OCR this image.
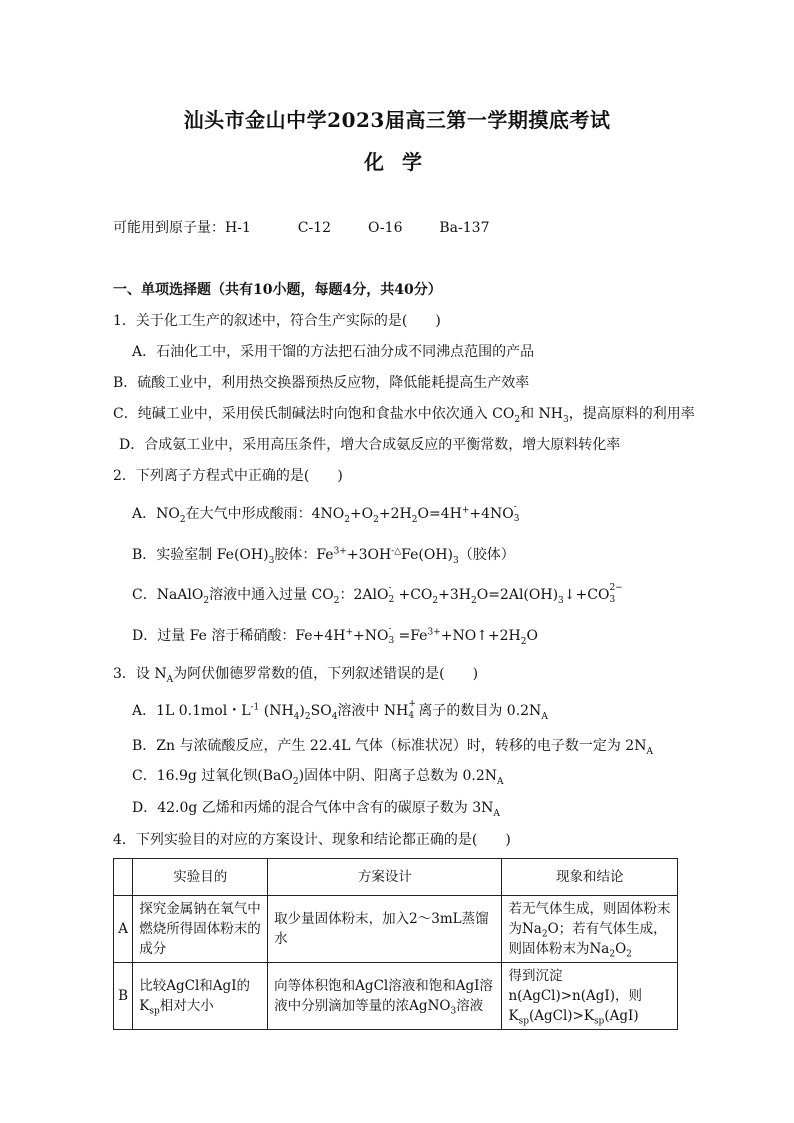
汕头市金山中学2023届高三第一学期摸底考试
化学
可能用到原子量：H-1	C-12	O-16	Ba-137
一、单项选择题（共有10小题，每题4分，共40分）
1．关于化工生产的叙述中，符合生产实际的是(　　)
A．石油化工中，采用干馏的方法把石油分成不同沸点范围的产品
B．硫酸工业中，利用热交换器预热反应物，降低能耗提高生产效率
C．纯碱工业中，采用侯氏制碱法时向饱和食盐水中依次通入 $CO_2$和 $NH_3$，提高原料的利用率
D．合成氨工业中，采用高压条件，增大合成氨反应的平衡常数，增大原料转化率
2．下列离子方程式中正确的是(　　)
A．$NO_2$在大气中形成酸雨：$4NO_2+O_2+2H_2O=4H^++4NO$ -
3
B．实验室制 $Fe(OH)_3$胶体：$Fe^{3+}+3OH^{-\triangle}Fe(OH)_3$（胶体）
C．NaAlO$_2$溶液中通入过量 $CO_2$：2AlO -
$2 +CO_2+3H_2O=2Al(OH)_3↓+CO$ 2−
3
D．过量 Fe 溶于稀硝酸：Fe+4H++NO -
$3 =Fe^{3+}+NO↑+2H_2O$
3．设 $N_A$为阿伏伽德罗常数的值，下列叙述错误的是(　　)
A．1L 0.1mol・$L^{-1}$ $(NH_4)_2SO_4$溶液中 NH +
4 离子的数目为 $0.2N_A$
B．Zn 与浓硫酸反应，产生 22.4L 气体（标准状况）时，转移的电子数一定为 $2N_A$
C．16.9g 过氧化钡(BaO$_2$)固体中阴、阳离子总数为 $0.2N_A$
D．42.0g 乙烯和丙烯的混合气体中含有的碳原子数为 $3N_A$
4．下列实验目的对应的方案设计、现象和结论都正确的是(　　)
	实验目的	方案设计	现象和结论
A	探究金属钠在氧气中燃烧所得固体粉末的成分	取少量固体粉末，加入2～3mL蒸馏水	若无气体生成，则固体粉末为$Na_2O$；若有气体生成，则固体粉末为$Na_2O_2$
B	比较AgCl和AgI的$K_{sp}$相对大小	向等体积饱和AgCl溶液和饱和AgI溶液中分别滴加等量的浓AgNO$_3$溶液	得到沉淀n(AgCl)>n(AgI)，则$K_{sp}(AgCl)>K_{sp}(AgI)$
